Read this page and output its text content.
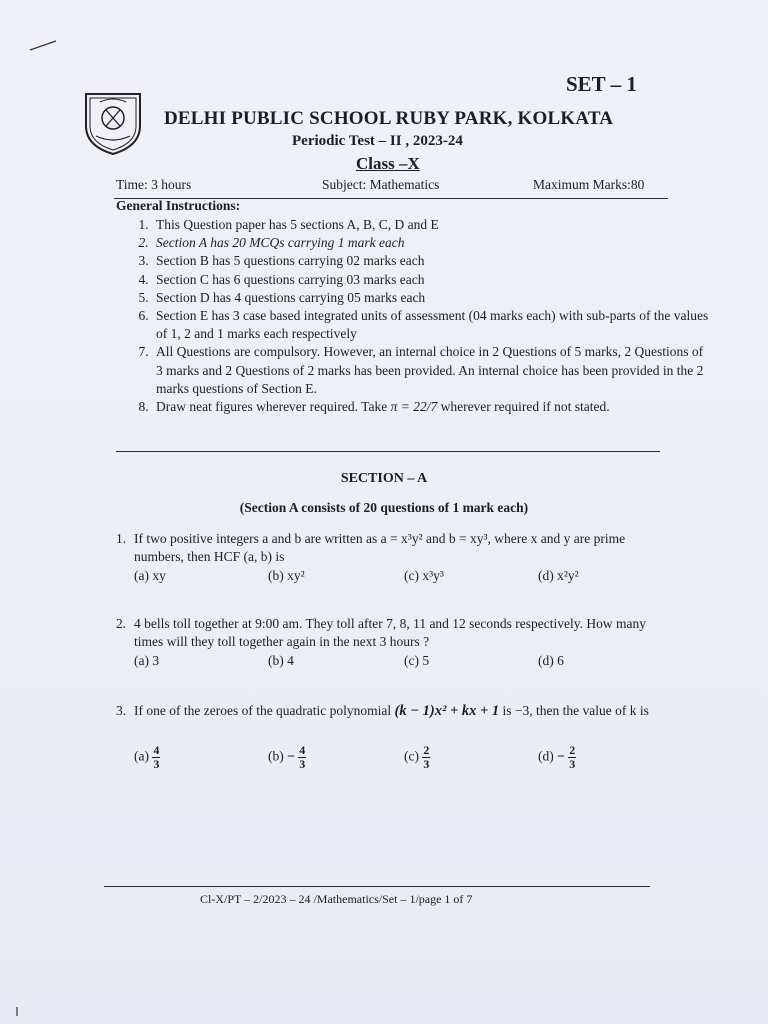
SET – 1
DELHI PUBLIC SCHOOL RUBY PARK, KOLKATA
Periodic Test – II , 2023-24
Class –X
Time: 3 hours	Subject: Mathematics	Maximum Marks:80
General Instructions:
1. This Question paper has 5 sections A, B, C, D and E
2. Section A has 20 MCQs carrying 1 mark each
3. Section B has 5 questions carrying 02 marks each
4. Section C has 6 questions carrying 03 marks each
5. Section D has 4 questions carrying 05 marks each
6. Section E has 3 case based integrated units of assessment (04 marks each) with sub-parts of the values of 1, 2 and 1 marks each respectively
7. All Questions are compulsory. However, an internal choice in 2 Questions of 5 marks, 2 Questions of 3 marks and 2 Questions of 2 marks has been provided. An internal choice has been provided in the 2 marks questions of Section E.
8. Draw neat figures wherever required. Take π = 22/7 wherever required if not stated.
SECTION – A
(Section A consists of 20 questions of 1 mark each)
1. If two positive integers a and b are written as a = x³y² and b = xy³, where x and y are prime numbers, then HCF (a, b) is
(a) xy	(b) xy²	(c) x³y³	(d) x²y²
2. 4 bells toll together at 9:00 am. They toll after 7, 8, 11 and 12 seconds respectively. How many times will they toll together again in the next 3 hours ?
(a) 3	(b) 4	(c) 5	(d) 6
3. If one of the zeroes of the quadratic polynomial (k − 1)x² + kx + 1 is −3, then the value of k is
$(a) \frac{4}{3}$	$(b) - \frac{4}{3}$	$(c) \frac{2}{3}$	$(d) - \frac{2}{3}$
Cl-X/PT – 2/2023 – 24 /Mathematics/Set – 1/page 1 of 7
